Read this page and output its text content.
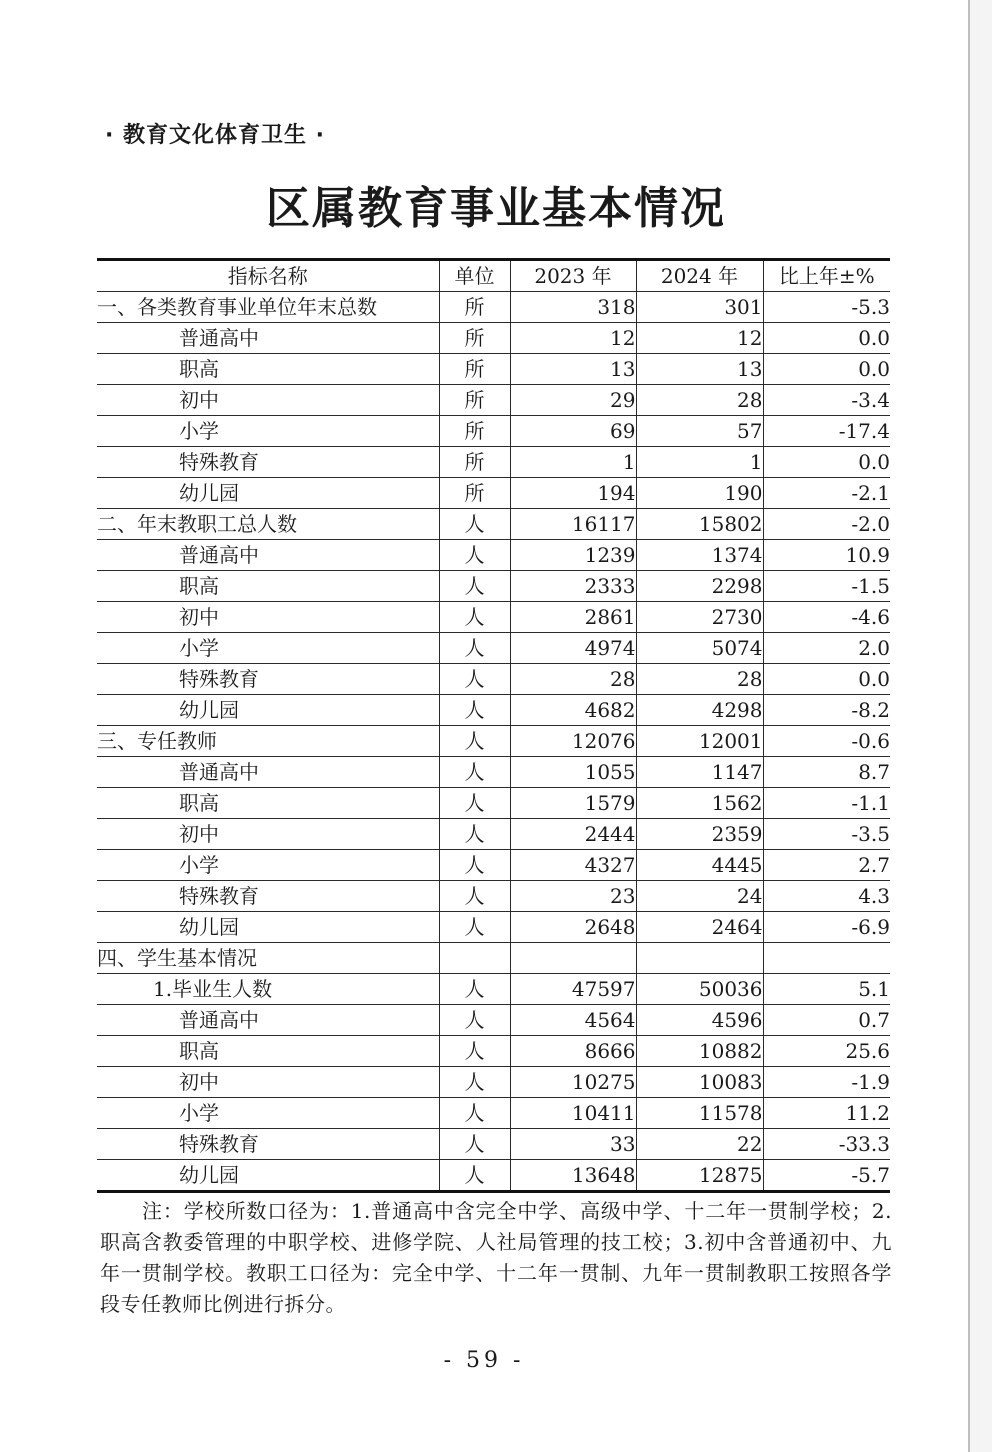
· 教育文化体育卫生 ·
区属教育事业基本情况
指标名称	单位	2023 年	2024 年	比上年±%
一、各类教育事业单位年末总数	所	318	301	-5.3
普通高中	所	12	12	0.0
职高	所	13	13	0.0
初中	所	29	28	-3.4
小学	所	69	57	-17.4
特殊教育	所	1	1	0.0
幼儿园	所	194	190	-2.1
二、年末教职工总人数	人	16117	15802	-2.0
普通高中	人	1239	1374	10.9
职高	人	2333	2298	-1.5
初中	人	2861	2730	-4.6
小学	人	4974	5074	2.0
特殊教育	人	28	28	0.0
幼儿园	人	4682	4298	-8.2
三、专任教师	人	12076	12001	-0.6
普通高中	人	1055	1147	8.7
职高	人	1579	1562	-1.1
初中	人	2444	2359	-3.5
小学	人	4327	4445	2.7
特殊教育	人	23	24	4.3
幼儿园	人	2648	2464	-6.9
四、学生基本情况				
1.毕业生人数	人	47597	50036	5.1
普通高中	人	4564	4596	0.7
职高	人	8666	10882	25.6
初中	人	10275	10083	-1.9
小学	人	10411	11578	11.2
特殊教育	人	33	22	-33.3
幼儿园	人	13648	12875	-5.7
注：学校所数口径为：1.普通高中含完全中学、高级中学、十二年一贯制学校；2.职高含教委管理的中职学校、进修学院、人社局管理的技工校；3.初中含普通初中、九年一贯制学校。教职工口径为：完全中学、十二年一贯制、九年一贯制教职工按照各学段专任教师比例进行拆分。
- 59 -
